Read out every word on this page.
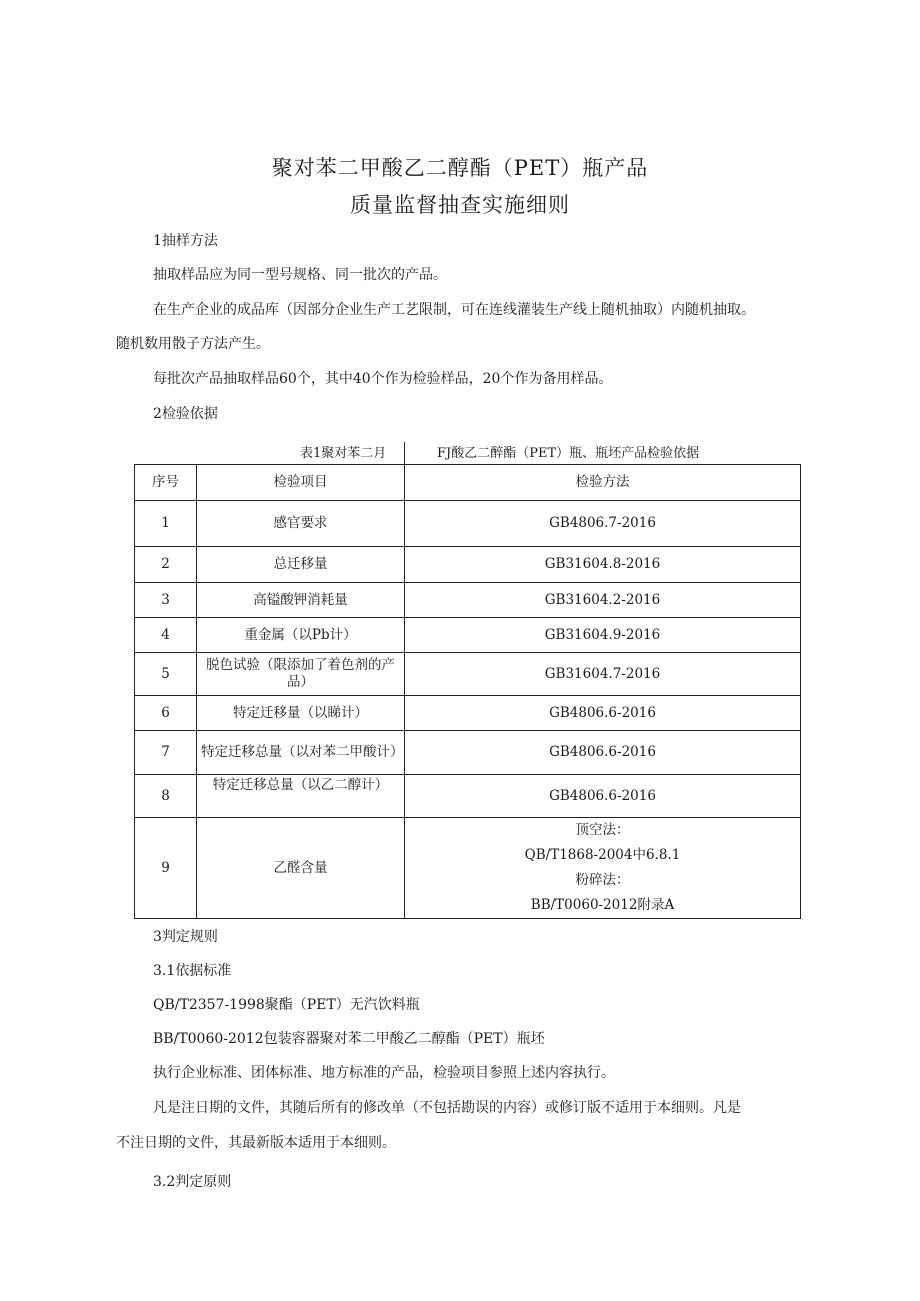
聚对苯二甲酸乙二醇酯（PET）瓶产品
质量监督抽查实施细则
1抽样方法
抽取样品应为同一型号规格、同一批次的产品。
在生产企业的成品库（因部分企业生产工艺限制，可在连线灌装生产线上随机抽取）内随机抽取。
随机数用骰子方法产生。
每批次产品抽取样品60个，其中40个作为检验样品，20个作为备用样品。
2检验依据
表1聚对苯二月	FJ酸乙二醉酯（PET）瓶、瓶坯产品检验依据
序号	检验项目	检验方法
1	感官要求	GB4806.7-2016
2	总迁移量	GB31604.8-2016
3	高镒酸钾消耗量	GB31604.2-2016
4	重金属（以Pb计）	GB31604.9-2016
5	脱色试验（限添加了着色剂的产品）	GB31604.7-2016
6	特定迁移量（以睇计）	GB4806.6-2016
7	特定迁移总量（以对苯二甲酸计）	GB4806.6-2016
8	特定迁移总量（以乙二醇计）	GB4806.6-2016
9	乙醛含量	顶空法：
QB/T1868-2004中6.8.1
粉碎法：
BB/T0060-2012附录A
3判定规则
3.1依据标准
QB/T2357-1998聚酯（PET）无汽饮料瓶
BB/T0060-2012包装容器聚对苯二甲酸乙二醇酯（PET）瓶坯
执行企业标准、团体标准、地方标准的产品，检验项目参照上述内容执行。
凡是注日期的文件，其随后所有的修改单（不包括勘误的内容）或修订版不适用于本细则。凡是
不注日期的文件，其最新版本适用于本细则。
3.2判定原则
